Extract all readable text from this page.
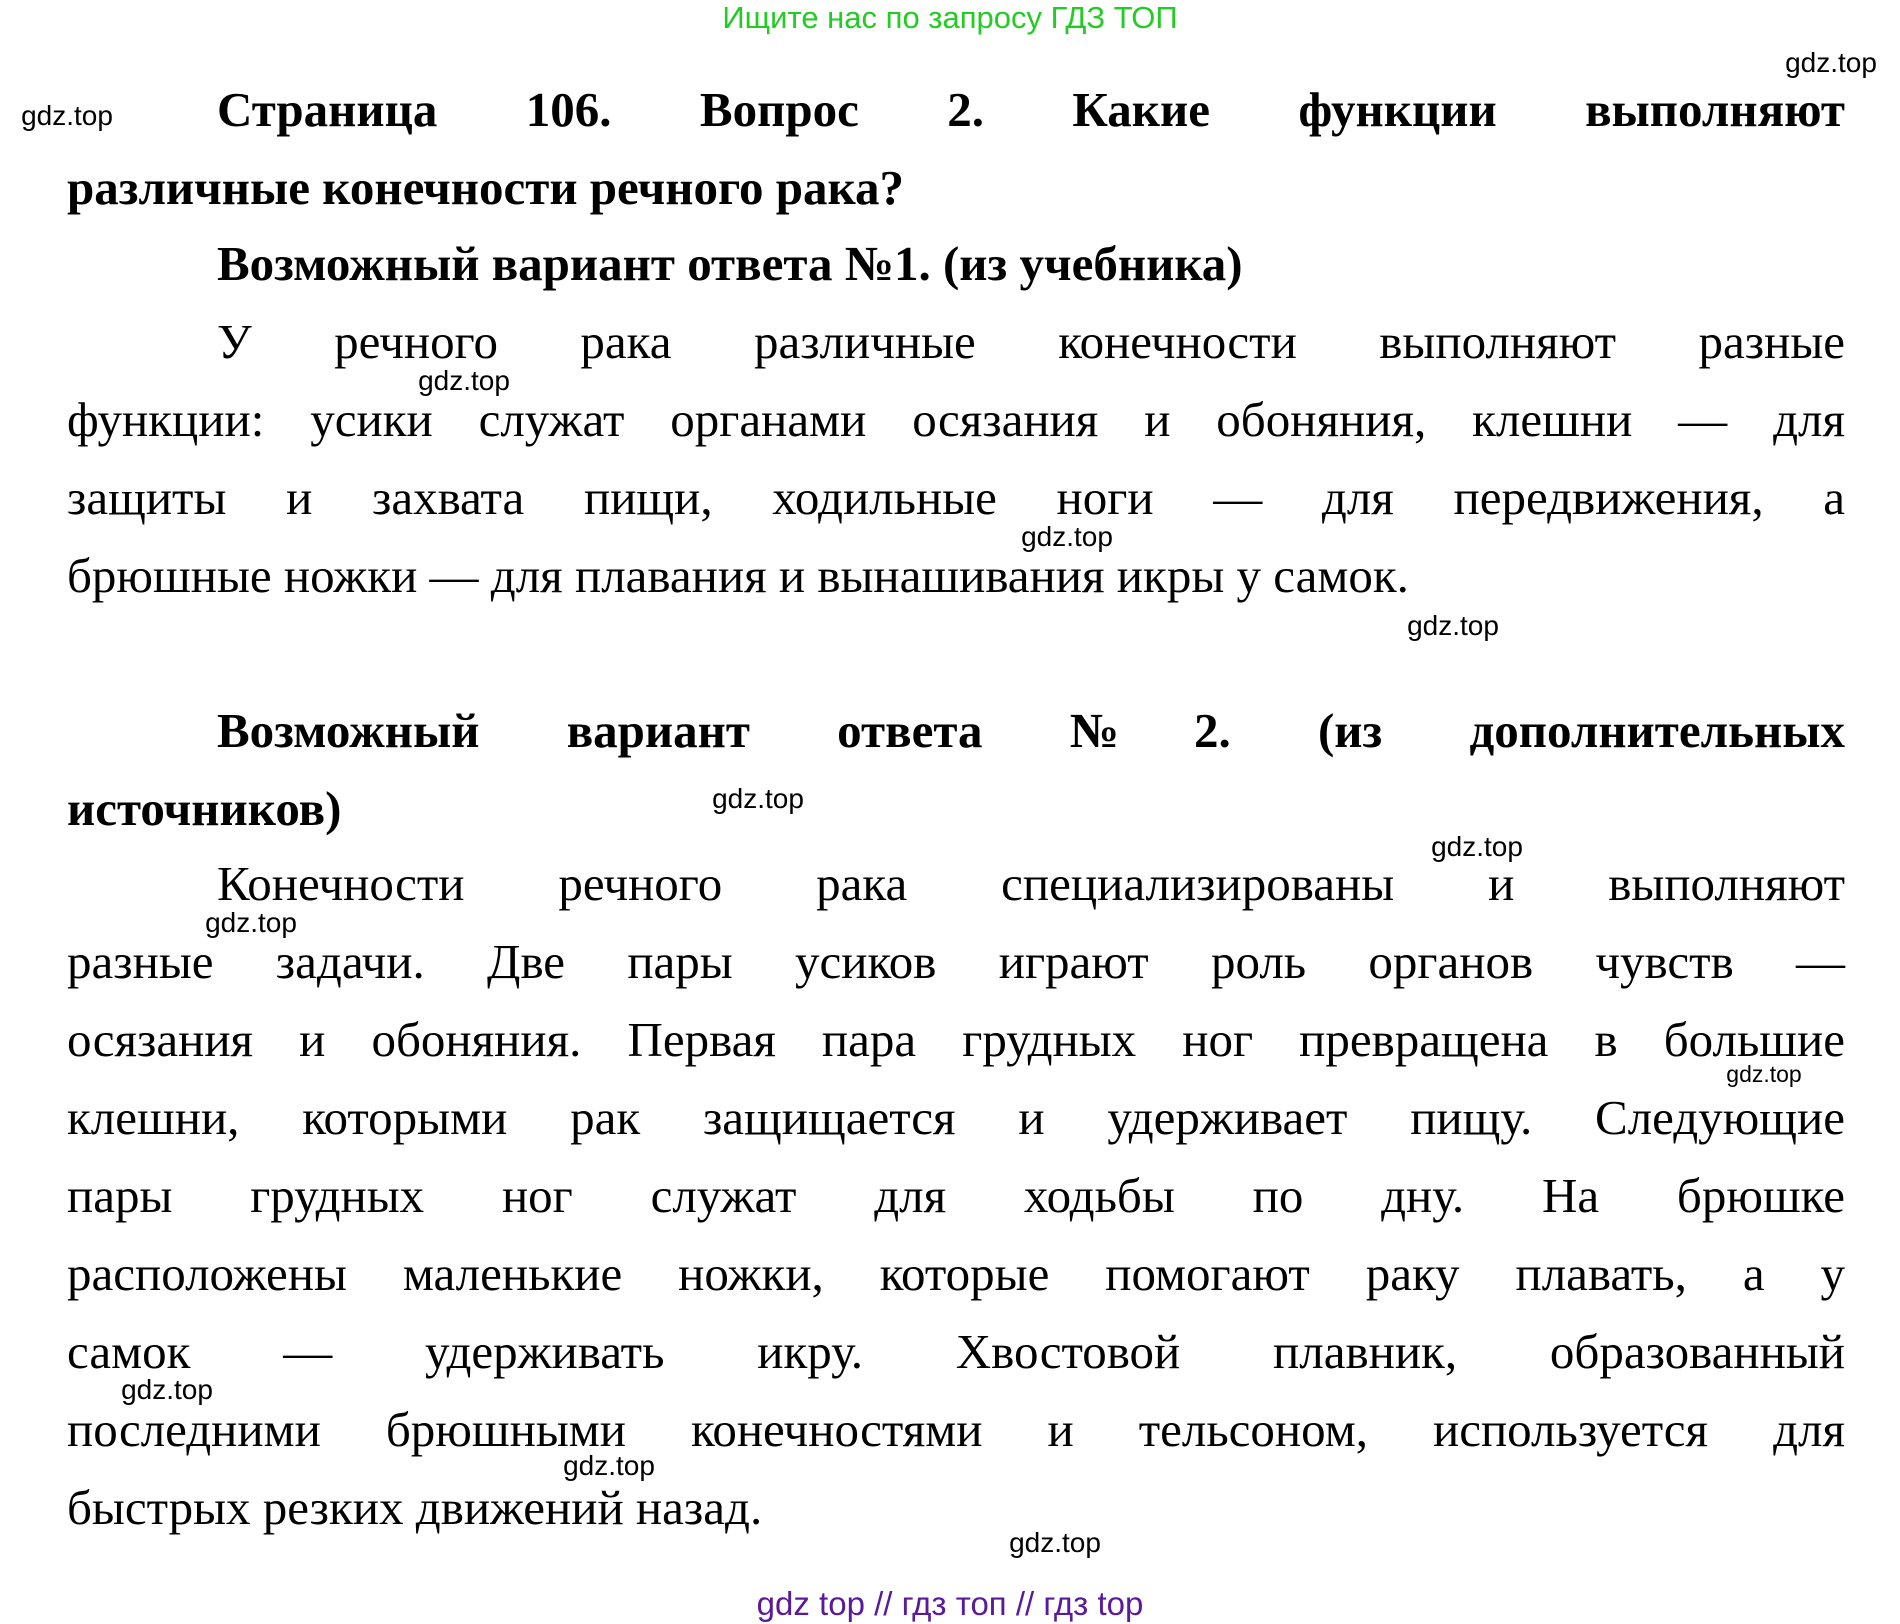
Ищите нас по запросу ГДЗ ТОП
Страница 106. Вопрос 2. Какие функции выполняют
различные конечности речного рака?
Возможный вариант ответа №1. (из учебника)
У речного рака различные конечности выполняют разные
функции: усики служат органами осязания и обоняния, клешни — для
защиты и захвата пищи, ходильные ноги — для передвижения, а
брюшные ножки — для плавания и вынашивания икры у самок.
Возможный вариант ответа №2. (из дополнительных
источников)
Конечности речного рака специализированы и выполняют
разные задачи. Две пары усиков играют роль органов чувств —
осязания и обоняния. Первая пара грудных ног превращена в большие
клешни, которыми рак защищается и удерживает пищу. Следующие
пары грудных ног служат для ходьбы по дну. На брюшке
расположены маленькие ножки, которые помогают раку плавать, а у
самок — удерживать икру. Хвостовой плавник, образованный
последними брюшными конечностями и тельсоном, используется для
быстрых резких движений назад.
gdz.top
gdz.top
gdz.top
gdz.top
gdz.top
gdz.top
gdz.top
gdz.top
gdz.top
gdz.top
gdz.top
gdz.top
gdz top // гдз топ // гдз top
